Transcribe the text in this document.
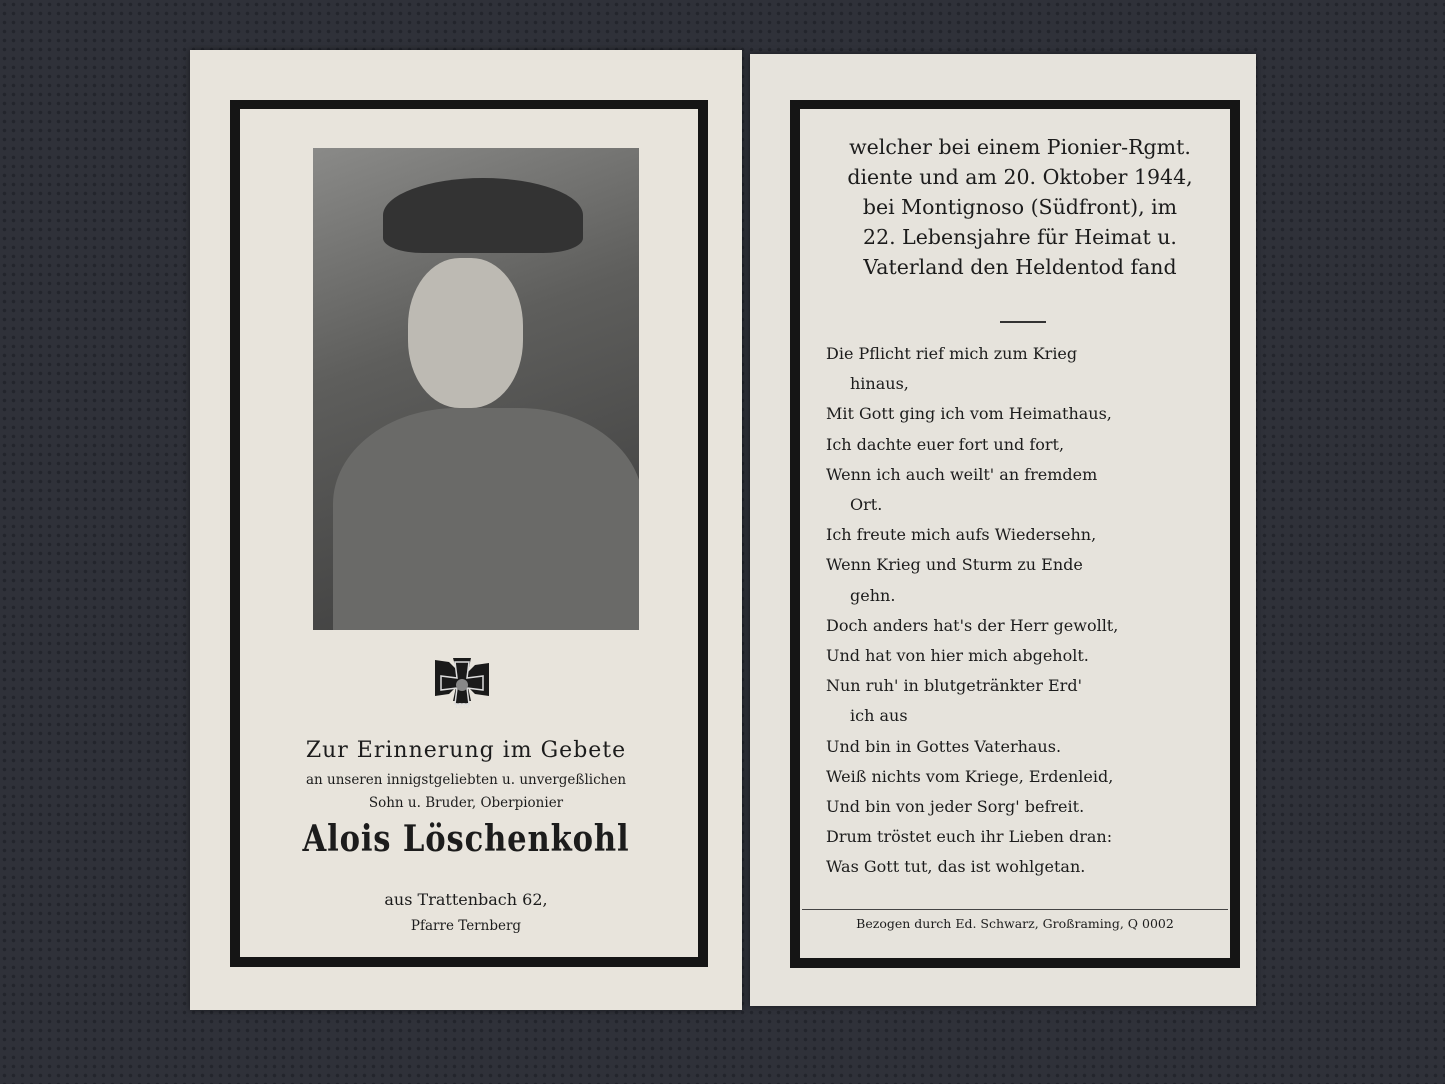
1939
Zur Erinnerung im Gebete
an unseren innigstgeliebten u. unvergeßlichen
Sohn u. Bruder, Oberpionier
Alois Löschenkohl
aus Trattenbach 62,
Pfarre Ternberg
welcher bei einem Pionier-Rgmt.
diente und am 20. Oktober 1944,
bei Montignoso (Südfront), im
22. Lebensjahre für Heimat u.
Vaterland den Heldentod fand
Die Pflicht rief mich zum Krieg
hinaus,
Mit Gott ging ich vom Heimathaus,
Ich dachte euer fort und fort,
Wenn ich auch weilt' an fremdem
Ort.
Ich freute mich aufs Wiedersehn,
Wenn Krieg und Sturm zu Ende
gehn.
Doch anders hat's der Herr gewollt,
Und hat von hier mich abgeholt.
Nun ruh' in blutgetränkter Erd'
ich aus
Und bin in Gottes Vaterhaus.
Weiß nichts vom Kriege, Erdenleid,
Und bin von jeder Sorg' befreit.
Drum tröstet euch ihr Lieben dran:
Was Gott tut, das ist wohlgetan.
Bezogen durch Ed. Schwarz, Großraming, Q 0002
